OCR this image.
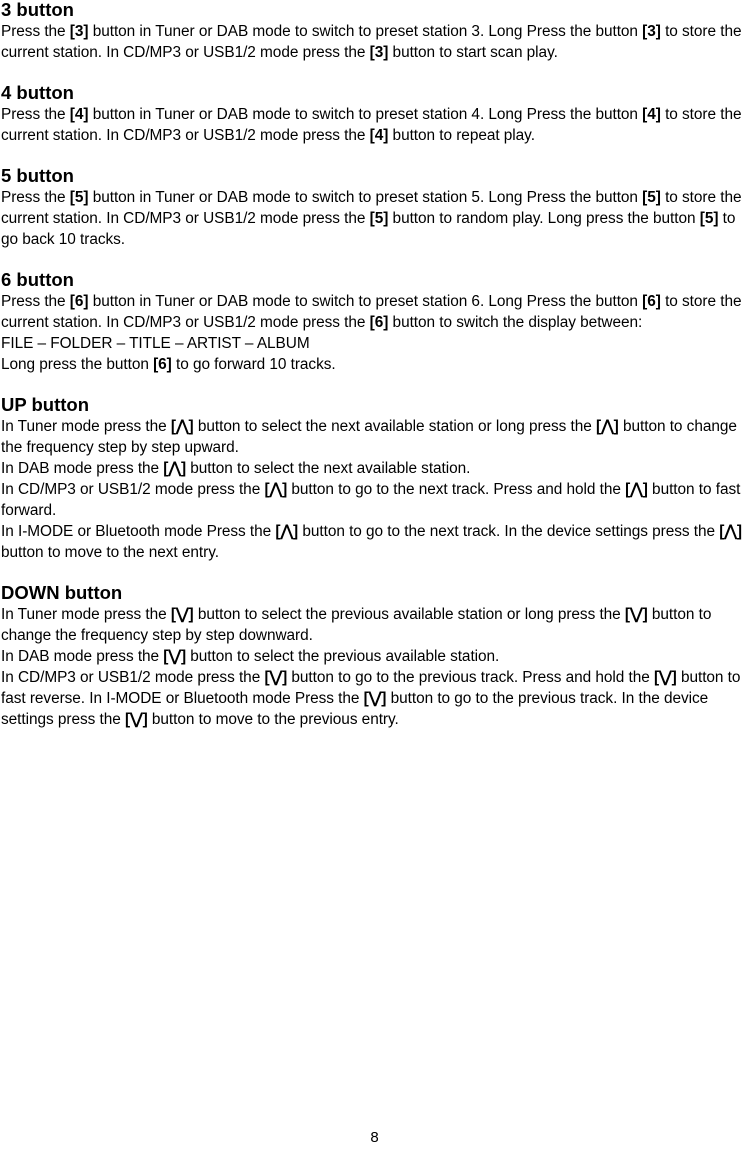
3 button

Press the [3] button in Tuner or DAB mode to switch to preset station 3. Long Press the button [3] to store the current station. In CD/MP3 or USB1/2 mode press the [3] button to start scan play.

4 button

Press the [4] button in Tuner or DAB mode to switch to preset station 4. Long Press the button [4] to store the current station. In CD/MP3 or USB1/2 mode press the [4] button to repeat play.

5 button

Press the [5] button in Tuner or DAB mode to switch to preset station 5. Long Press the button [5] to store the current station. In CD/MP3 or USB1/2 mode press the [5] button to random play. Long press the button [5] to go back 10 tracks.

6 button

Press the [6] button in Tuner or DAB mode to switch to preset station 6. Long Press the button [6] to store the current station. In CD/MP3 or USB1/2 mode press the [6] button to switch the display between:

FILE – FOLDER – TITLE – ARTIST – ALBUM

Long press the button [6] to go forward 10 tracks.

UP button

In Tuner mode press the [⋀] button to select the next available station or long press the [⋀] button to change the frequency step by step upward.

In DAB mode press the [⋀] button to select the next available station.

In CD/MP3 or USB1/2 mode press the [⋀] button to go to the next track. Press and hold the [⋀] button to fast forward.

In I-MODE or Bluetooth mode Press the [⋀] button to go to the next track. In the device settings press the [⋀] button to move to the next entry.

DOWN button

In Tuner mode press the [⋁] button to select the previous available station or long press the [⋁] button to change the frequency step by step downward.

In DAB mode press the [⋁] button to select the previous available station.

In CD/MP3 or USB1/2 mode press the [⋁] button to go to the previous track. Press and hold the [⋁] button to fast reverse. In I-MODE or Bluetooth mode Press the [⋁] button to go to the previous track. In the device settings press the [⋁] button to move to the previous entry.

8
